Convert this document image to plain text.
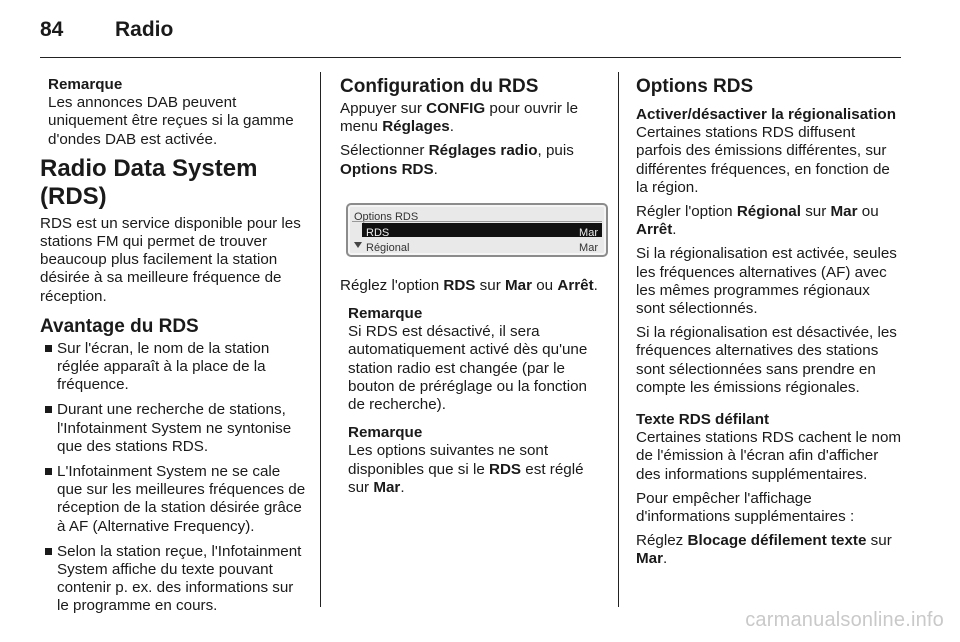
84 Radio

Remarque

Les annonces DAB peuvent uniquement être reçues si la gamme d'ondes DAB est activée.

Radio Data System (RDS)

RDS est un service disponible pour les stations FM qui permet de trouver beaucoup plus facilement la station désirée à sa meilleure fréquence de réception.

Avantage du RDS

Sur l'écran, le nom de la station réglée apparaît à la place de la fréquence.

Durant une recherche de stations, l'Infotainment System ne syntonise que des stations RDS.

L'Infotainment System ne se cale que sur les meilleures fréquences de réception de la station désirée grâce à AF (Alternative Frequency).

Selon la station reçue, l'Infotainment System affiche du texte pouvant contenir p. ex. des informations sur le programme en cours.

Configuration du RDS

Appuyer sur CONFIG pour ouvrir le menu Réglages.

Sélectionner Réglages radio, puis Options RDS.

Options RDS
RDS	Mar
Régional	Mar

Réglez l'option RDS sur Mar ou Arrêt.

Remarque

Si RDS est désactivé, il sera automatiquement activé dès qu'une station radio est changée (par le bouton de préréglage ou la fonction de recherche).

Remarque

Les options suivantes ne sont disponibles que si le RDS est réglé sur Mar.

Options RDS

Activer/désactiver la régionalisation

Certaines stations RDS diffusent parfois des émissions différentes, sur différentes fréquences, en fonction de la région.

Régler l'option Régional sur Mar ou Arrêt.

Si la régionalisation est activée, seules les fréquences alternatives (AF) avec les mêmes programmes régionaux sont sélectionnés.

Si la régionalisation est désactivée, les fréquences alternatives des stations sont sélectionnées sans prendre en compte les émissions régionales.

Texte RDS défilant

Certaines stations RDS cachent le nom de l'émission à l'écran afin d'afficher des informations supplémentaires.

Pour empêcher l'affichage d'informations supplémentaires :

Réglez Blocage défilement texte sur Mar.

carmanualsonline.info
